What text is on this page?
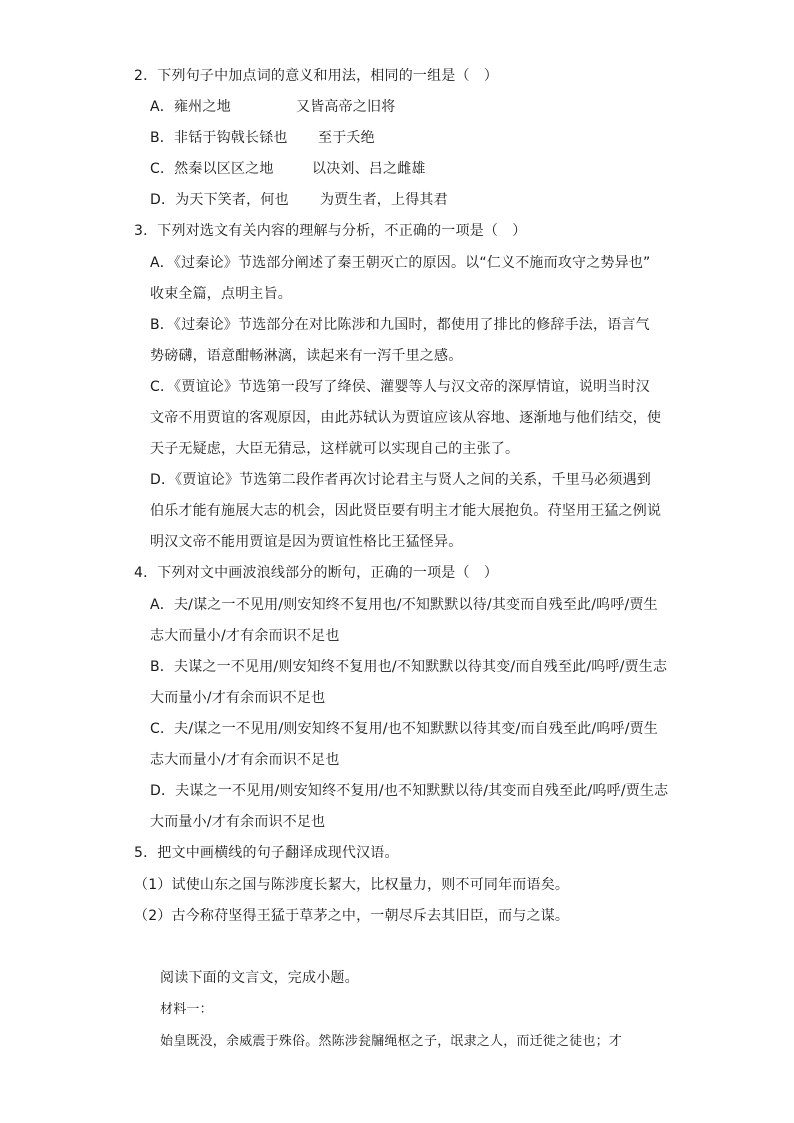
2．下列句子中加点词的意义和用法，相同的一组是（　）
A．雍州之地	又皆高帝之旧将
B．非铦于钩戟长铩也 至于夭绝
C．然秦以区区之地	以决刘、吕之雌雄
D．为天下笑者，何也 为贾生者，上得其君
3．下列对选文有关内容的理解与分析，不正确的一项是（　）
A．《过秦论》节选部分阐述了秦王朝灭亡的原因。以“仁义不施而攻守之势异也”
收束全篇，点明主旨。
B．《过秦论》节选部分在对比陈涉和九国时，都使用了排比的修辞手法，语言气
势磅礴，语意酣畅淋漓，读起来有一泻千里之感。
C．《贾谊论》节选第一段写了绛侯、灌婴等人与汉文帝的深厚情谊，说明当时汉
文帝不用贾谊的客观原因，由此苏轼认为贾谊应该从容地、逐渐地与他们结交，使
天子无疑虑，大臣无猜忌，这样就可以实现自己的主张了。
D．《贾谊论》节选第二段作者再次讨论君主与贤人之间的关系，千里马必须遇到
伯乐才能有施展大志的机会，因此贤臣要有明主才能大展抱负。苻坚用王猛之例说
明汉文帝不能用贾谊是因为贾谊性格比王猛怪异。
4．下列对文中画波浪线部分的断句，正确的一项是（　）
A．夫/谋之一不见用/则安知终不复用也/不知默默以待/其变而自残至此/呜呼/贾生
志大而量小/才有余而识不足也
B．夫谋之一不见用/则安知终不复用也/不知默默以待其变/而自残至此/呜呼/贾生志
大而量小/才有余而识不足也
C．夫/谋之一不见用/则安知终不复用/也不知默默以待其变/而自残至此/呜呼/贾生
志大而量小/才有余而识不足也
D．夫谋之一不见用/则安知终不复用/也不知默默以待/其变而自残至此/呜呼/贾生志
大而量小/才有余而识不足也
5．把文中画横线的句子翻译成现代汉语。
（1）试使山东之国与陈涉度长絜大，比权量力，则不可同年而语矣。
（2）古今称苻坚得王猛于草茅之中，一朝尽斥去其旧臣，而与之谋。
阅读下面的文言文，完成小题。
材料一：
始皇既没，余威震于殊俗。然陈涉瓮牖绳枢之子，氓隶之人，而迁徙之徒也；才
